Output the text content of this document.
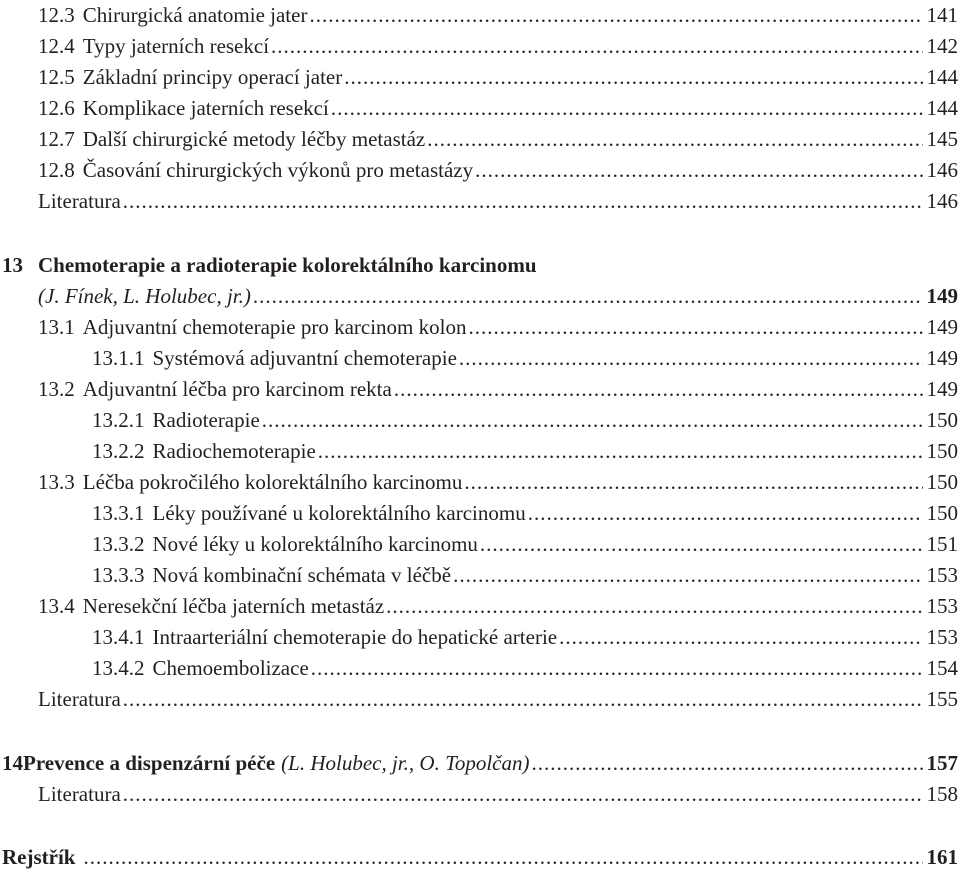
12.3 Chirurgická anatomie jater .....	141
12.4 Typy jaterních resekcí .....	142
12.5 Základní principy operací jater .....	144
12.6 Komplikace jaterních resekcí .....	144
12.7 Další chirurgické metody léčby metastáz .....	145
12.8 Časování chirurgických výkonů pro metastázy .....	146
Literatura .....	146
13 Chemoterapie a radioterapie kolorektálního karcinomu
(J. Fínek, L. Holubec, jr.) .....	149
13.1 Adjuvantní chemoterapie pro karcinom kolon .....	149
13.1.1 Systémová adjuvantní chemoterapie .....	149
13.2 Adjuvantní léčba pro karcinom rekta .....	149
13.2.1 Radioterapie .....	150
13.2.2 Radiochemoterapie .....	150
13.3 Léčba pokročilého kolorektálního karcinomu .....	150
13.3.1 Léky používané u kolorektálního karcinomu .....	150
13.3.2 Nové léky u kolorektálního karcinomu .....	151
13.3.3 Nová kombinační schémata v léčbě .....	153
13.4 Neresekční léčba jaterních metastáz .....	153
13.4.1 Intraarteriální chemoterapie do hepatické arterie .....	153
13.4.2 Chemoembolizace .....	154
Literatura .....	155
14 Prevence a dispenzární péče (L. Holubec, jr., O. Topolčan) .....	157
Literatura .....	158
Rejstřík .....	161
